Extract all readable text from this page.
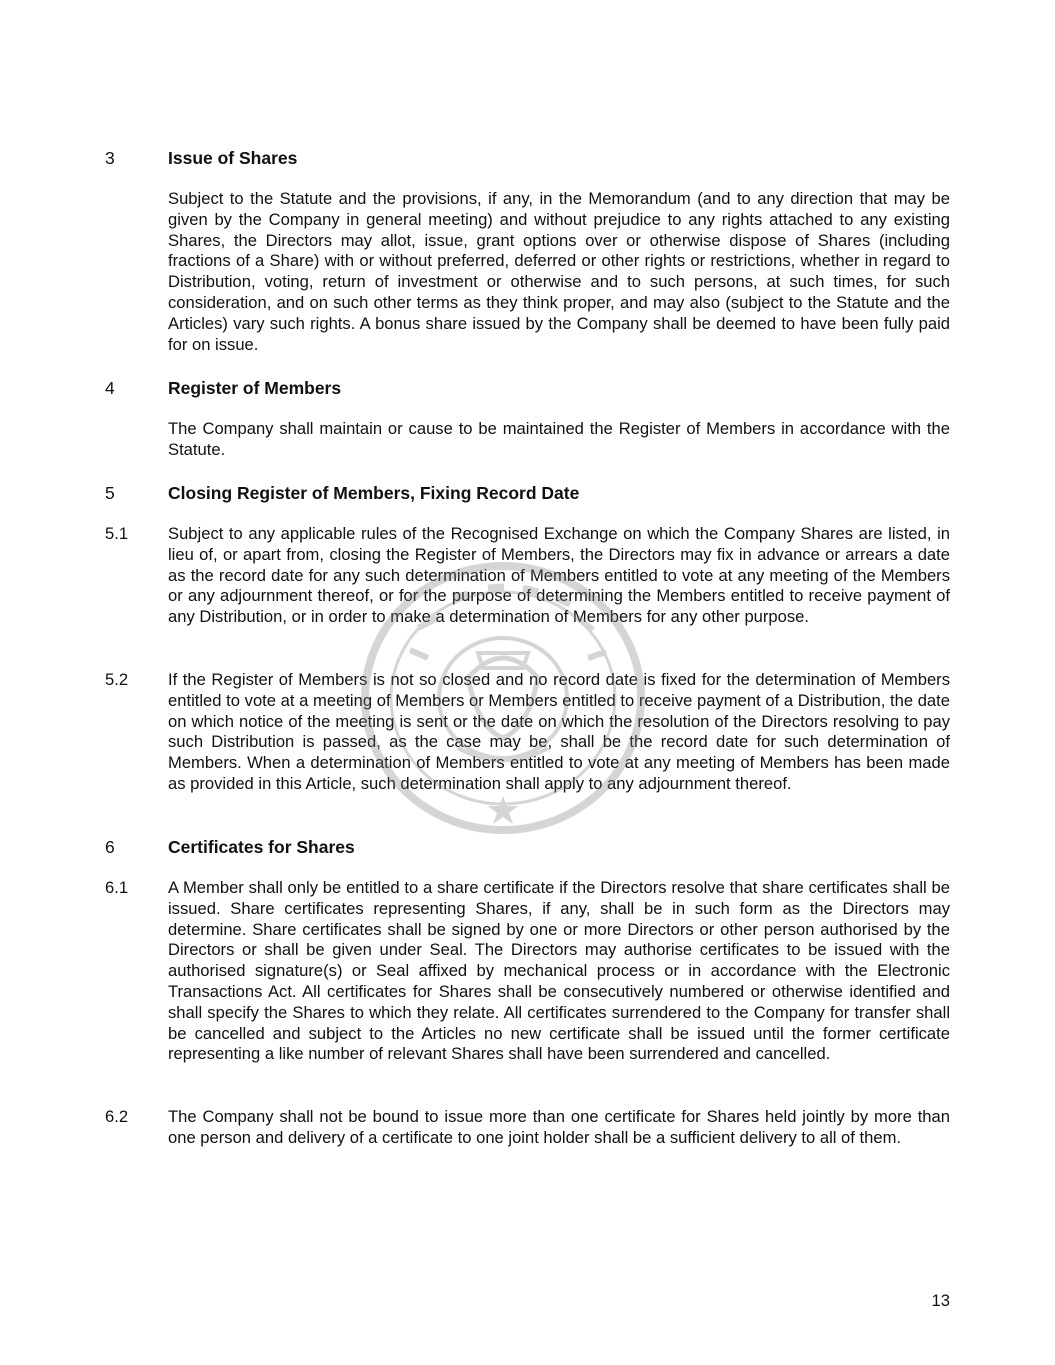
3	Issue of Shares
Subject to the Statute and the provisions, if any, in the Memorandum (and to any direction that may be given by the Company in general meeting) and without prejudice to any rights attached to any existing Shares, the Directors may allot, issue, grant options over or otherwise dispose of Shares (including fractions of a Share) with or without preferred, deferred or other rights or restrictions, whether in regard to Distribution, voting, return of investment or otherwise and to such persons, at such times, for such consideration, and on such other terms as they think proper, and may also (subject to the Statute and the Articles) vary such rights. A bonus share issued by the Company shall be deemed to have been fully paid for on issue.
4	Register of Members
The Company shall maintain or cause to be maintained the Register of Members in accordance with the Statute.
5	Closing Register of Members, Fixing Record Date
5.1 Subject to any applicable rules of the Recognised Exchange on which the Company Shares are listed, in lieu of, or apart from, closing the Register of Members, the Directors may fix in advance or arrears a date as the record date for any such determination of Members entitled to vote at any meeting of the Members or any adjournment thereof, or for the purpose of determining the Members entitled to receive payment of any Distribution, or in order to make a determination of Members for any other purpose.
5.2 If the Register of Members is not so closed and no record date is fixed for the determination of Members entitled to vote at a meeting of Members or Members entitled to receive payment of a Distribution, the date on which notice of the meeting is sent or the date on which the resolution of the Directors resolving to pay such Distribution is passed, as the case may be, shall be the record date for such determination of Members. When a determination of Members entitled to vote at any meeting of Members has been made as provided in this Article, such determination shall apply to any adjournment thereof.
6	Certificates for Shares
6.1 A Member shall only be entitled to a share certificate if the Directors resolve that share certificates shall be issued. Share certificates representing Shares, if any, shall be in such form as the Directors may determine. Share certificates shall be signed by one or more Directors or other person authorised by the Directors or shall be given under Seal. The Directors may authorise certificates to be issued with the authorised signature(s) or Seal affixed by mechanical process or in accordance with the Electronic Transactions Act. All certificates for Shares shall be consecutively numbered or otherwise identified and shall specify the Shares to which they relate. All certificates surrendered to the Company for transfer shall be cancelled and subject to the Articles no new certificate shall be issued until the former certificate representing a like number of relevant Shares shall have been surrendered and cancelled.
6.2 The Company shall not be bound to issue more than one certificate for Shares held jointly by more than one person and delivery of a certificate to one joint holder shall be a sufficient delivery to all of them.
13
